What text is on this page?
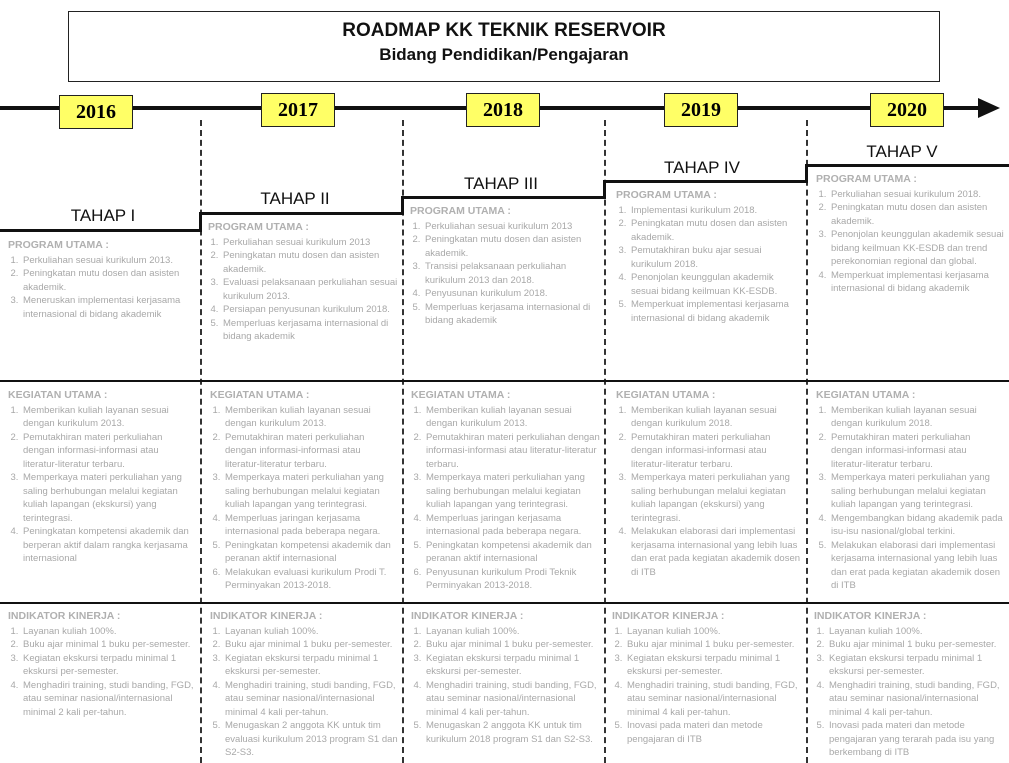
ROADMAP KK TEKNIK RESERVOIR
Bidang Pendidikan/Pengajaran
2016	2017	2018	2019	2020
TAHAP I
TAHAP II
TAHAP III
TAHAP IV
TAHAP V
PROGRAM UTAMA :
1. Perkuliahan sesuai kurikulum 2013.
2. Peningkatan mutu dosen dan asisten akademik.
3. Meneruskan implementasi kerjasama internasional di bidang akademik
PROGRAM UTAMA :
1. Perkuliahan sesuai kurikulum 2013
2. Peningkatan mutu dosen dan asisten akademik.
3. Evaluasi pelaksanaan perkuliahan sesuai kurikulum 2013.
4. Persiapan penyusunan kurikulum 2018.
5. Memperluas kerjasama internasional di bidang akademik
PROGRAM UTAMA :
1. Perkuliahan sesuai kurikulum 2013
2. Peningkatan mutu dosen dan asisten akademik.
3. Transisi pelaksanaan perkuliahan kurikulum 2013 dan 2018.
4. Penyusunan kurikulum 2018.
5. Memperluas kerjasama internasional di bidang akademik
PROGRAM UTAMA :
1. Implementasi kurikulum 2018.
2. Peningkatan mutu dosen dan asisten akademik.
3. Pemutakhiran buku ajar sesuai kurikulum 2018.
4. Penonjolan keunggulan akademik sesuai bidang keilmuan KK-ESDB.
5. Memperkuat implementasi kerjasama internasional di bidang akademik
PROGRAM UTAMA :
1. Perkuliahan sesuai kurikulum 2018.
2. Peningkatan mutu dosen dan asisten akademik.
3. Penonjolan keunggulan akademik sesuai bidang keilmuan KK-ESDB dan trend perekonomian regional dan global.
4. Memperkuat implementasi kerjasama internasional di bidang akademik
KEGIATAN UTAMA :
1. Memberikan kuliah layanan sesuai dengan kurikulum 2013.
2. Pemutakhiran materi perkuliahan dengan informasi-informasi atau literatur-literatur terbaru.
3. Memperkaya materi perkuliahan yang saling berhubungan melalui kegiatan kuliah lapangan (ekskursi) yang terintegrasi.
4. Peningkatan kompetensi akademik dan berperan aktif dalam rangka kerjasama internasional
KEGIATAN UTAMA :
1. Memberikan kuliah layanan sesuai dengan kurikulum 2013.
2. Pemutakhiran materi perkuliahan dengan informasi-informasi atau literatur-literatur terbaru.
3. Memperkaya materi perkuliahan yang saling berhubungan melalui kegiatan kuliah lapangan yang terintegrasi.
4. Memperluas jaringan kerjasama internasional pada beberapa negara.
5. Peningkatan kompetensi akademik dan peranan aktif internasional
6. Melakukan evaluasi kurikulum Prodi T. Perminyakan 2013-2018.
KEGIATAN UTAMA :
1. Memberikan kuliah layanan sesuai dengan kurikulum 2013.
2. Pemutakhiran materi perkuliahan dengan informasi-informasi atau literatur-literatur terbaru.
3. Memperkaya materi perkuliahan yang saling berhubungan melalui kegiatan kuliah lapangan yang terintegrasi.
4. Memperluas jaringan kerjasama internasional pada beberapa negara.
5. Peningkatan kompetensi akademik dan peranan aktif internasional
6. Penyusunan kurikulum Prodi Teknik Perminyakan 2013-2018.
KEGIATAN UTAMA :
1. Memberikan kuliah layanan sesuai dengan kurikulum 2018.
2. Pemutakhiran materi perkuliahan dengan informasi-informasi atau literatur-literatur terbaru.
3. Memperkaya materi perkuliahan yang saling berhubungan melalui kegiatan kuliah lapangan (ekskursi) yang terintegrasi.
4. Melakukan elaborasi dari implementasi kerjasama internasional yang lebih luas dan erat pada kegiatan akademik dosen di ITB
KEGIATAN UTAMA :
1. Memberikan kuliah layanan sesuai dengan kurikulum 2018.
2. Pemutakhiran materi perkuliahan dengan informasi-informasi atau literatur-literatur terbaru.
3. Memperkaya materi perkuliahan yang saling berhubungan melalui kegiatan kuliah lapangan yang terintegrasi.
4. Mengembangkan bidang akademik pada isu-isu nasional/global terkini.
5. Melakukan elaborasi dari implementasi kerjasama internasional yang lebih luas dan erat pada kegiatan akademik dosen di ITB
INDIKATOR KINERJA :
1. Layanan kuliah 100%.
2. Buku ajar minimal 1 buku per-semester.
3. Kegiatan ekskursi terpadu minimal 1 ekskursi per-semester.
4. Menghadiri training, studi banding, FGD, atau seminar nasional/internasional minimal 2 kali per-tahun.
INDIKATOR KINERJA :
1. Layanan kuliah 100%.
2. Buku ajar minimal 1 buku per-semester.
3. Kegiatan ekskursi terpadu minimal 1 ekskursi per-semester.
4. Menghadiri training, studi banding, FGD, atau seminar nasional/internasional minimal 4 kali per-tahun.
5. Menugaskan 2 anggota KK untuk tim evaluasi kurikulum 2013 program S1 dan S2-S3.
INDIKATOR KINERJA :
1. Layanan kuliah 100%.
2. Buku ajar minimal 1 buku per-semester.
3. Kegiatan ekskursi terpadu minimal 1 ekskursi per-semester.
4. Menghadiri training, studi banding, FGD, atau seminar nasional/internasional minimal 4 kali per-tahun.
5. Menugaskan 2 anggota KK untuk tim kurikulum 2018 program S1 dan S2-S3.
INDIKATOR KINERJA :
1. Layanan kuliah 100%.
2. Buku ajar minimal 1 buku per-semester.
3. Kegiatan ekskursi terpadu minimal 1 ekskursi per-semester.
4. Menghadiri training, studi banding, FGD, atau seminar nasional/internasional minimal 4 kali per-tahun.
5. Inovasi pada materi dan metode pengajaran di ITB
INDIKATOR KINERJA :
1. Layanan kuliah 100%.
2. Buku ajar minimal 1 buku per-semester.
3. Kegiatan ekskursi terpadu minimal 1 ekskursi per-semester.
4. Menghadiri training, studi banding, FGD, atau seminar nasional/internasional minimal 4 kali per-tahun.
5. Inovasi pada materi dan metode pengajaran yang terarah pada isu yang berkembang di ITB
